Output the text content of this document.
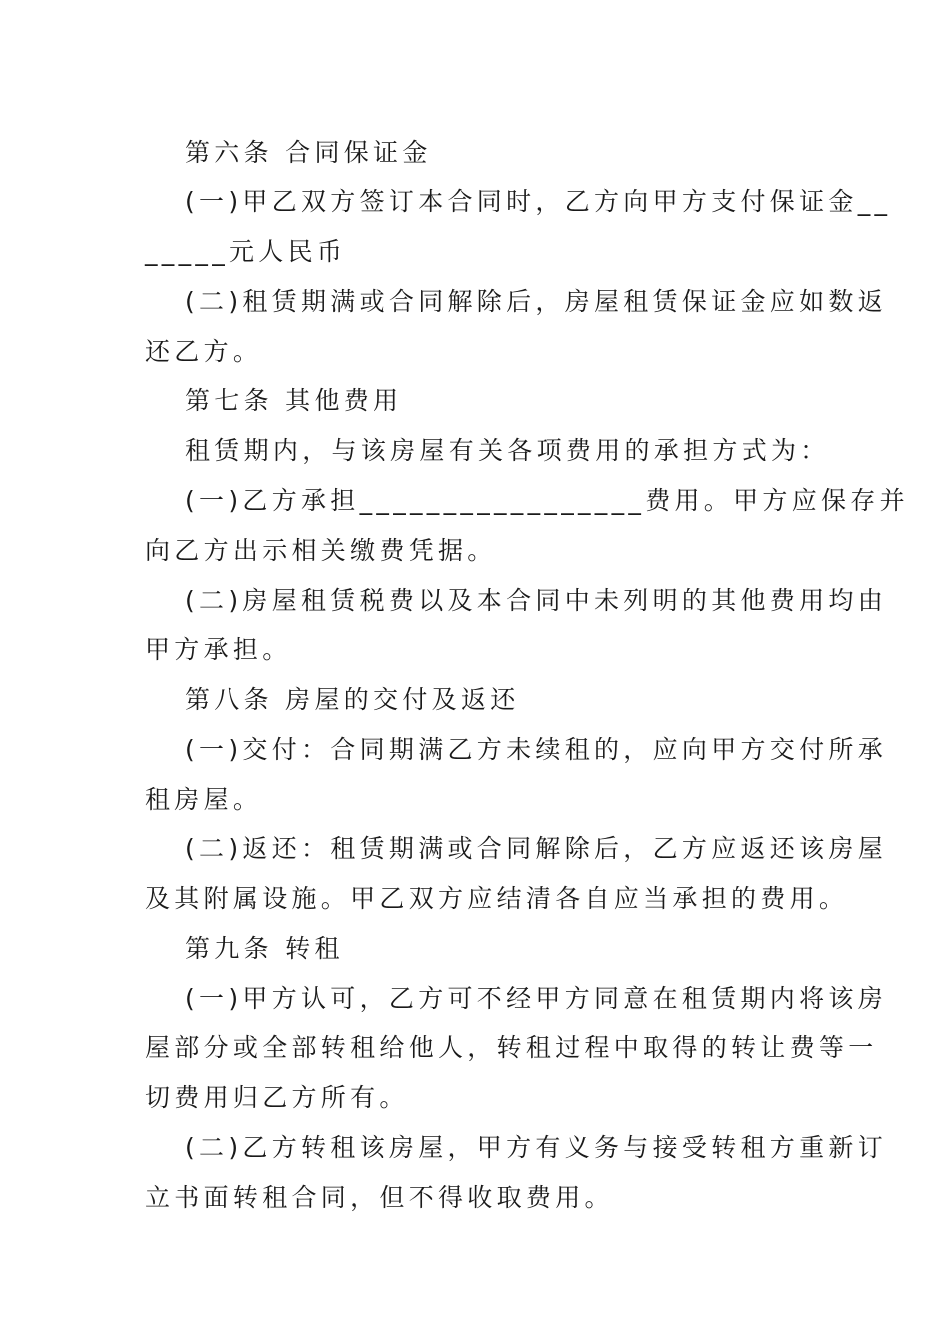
第六条 合同保证金
(一)甲乙双方签订本合同时，乙方向甲方支付保证金__
_____元人民币
(二)租赁期满或合同解除后，房屋租赁保证金应如数返
还乙方。
第七条 其他费用
租赁期内，与该房屋有关各项费用的承担方式为：
(一)乙方承担_________________费用。甲方应保存并
向乙方出示相关缴费凭据。
(二)房屋租赁税费以及本合同中未列明的其他费用均由
甲方承担。
第八条 房屋的交付及返还
(一)交付：合同期满乙方未续租的，应向甲方交付所承
租房屋。
(二)返还：租赁期满或合同解除后，乙方应返还该房屋
及其附属设施。甲乙双方应结清各自应当承担的费用。
第九条 转租
(一)甲方认可，乙方可不经甲方同意在租赁期内将该房
屋部分或全部转租给他人，转租过程中取得的转让费等一
切费用归乙方所有。
(二)乙方转租该房屋，甲方有义务与接受转租方重新订
立书面转租合同，但不得收取费用。
